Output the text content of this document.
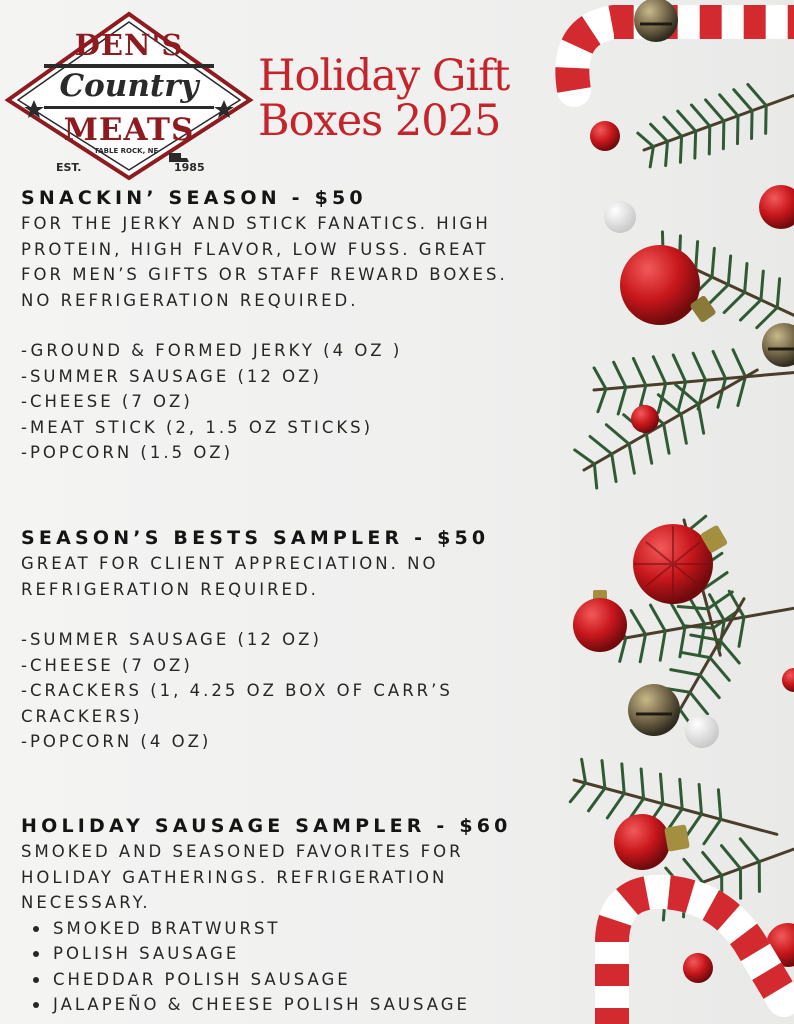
DEN'S
Country
MEATS
TABLE ROCK, NE
EST.	1985
Holiday Gift
Boxes 2025
SNACKIN’ SEASON - $50
FOR THE JERKY AND STICK FANATICS. HIGH
PROTEIN, HIGH FLAVOR, LOW FUSS. GREAT
FOR MEN’S GIFTS OR STAFF REWARD BOXES.
NO REFRIGERATION REQUIRED.
-GROUND & FORMED JERKY (4 OZ )
-SUMMER SAUSAGE (12 OZ)
-CHEESE (7 OZ)
-MEAT STICK (2, 1.5 OZ STICKS)
-POPCORN (1.5 OZ)
SEASON’S BESTS SAMPLER - $50
GREAT FOR CLIENT APPRECIATION. NO
REFRIGERATION REQUIRED.
-SUMMER SAUSAGE (12 OZ)
-CHEESE (7 OZ)
-CRACKERS (1, 4.25 OZ BOX OF CARR’S
CRACKERS)
-POPCORN (4 OZ)
HOLIDAY SAUSAGE SAMPLER - $60
SMOKED AND SEASONED FAVORITES FOR
HOLIDAY GATHERINGS. REFRIGERATION
NECESSARY.
SMOKED BRATWURST
POLISH SAUSAGE
CHEDDAR POLISH SAUSAGE
JALAPEÑO & CHEESE POLISH SAUSAGE
